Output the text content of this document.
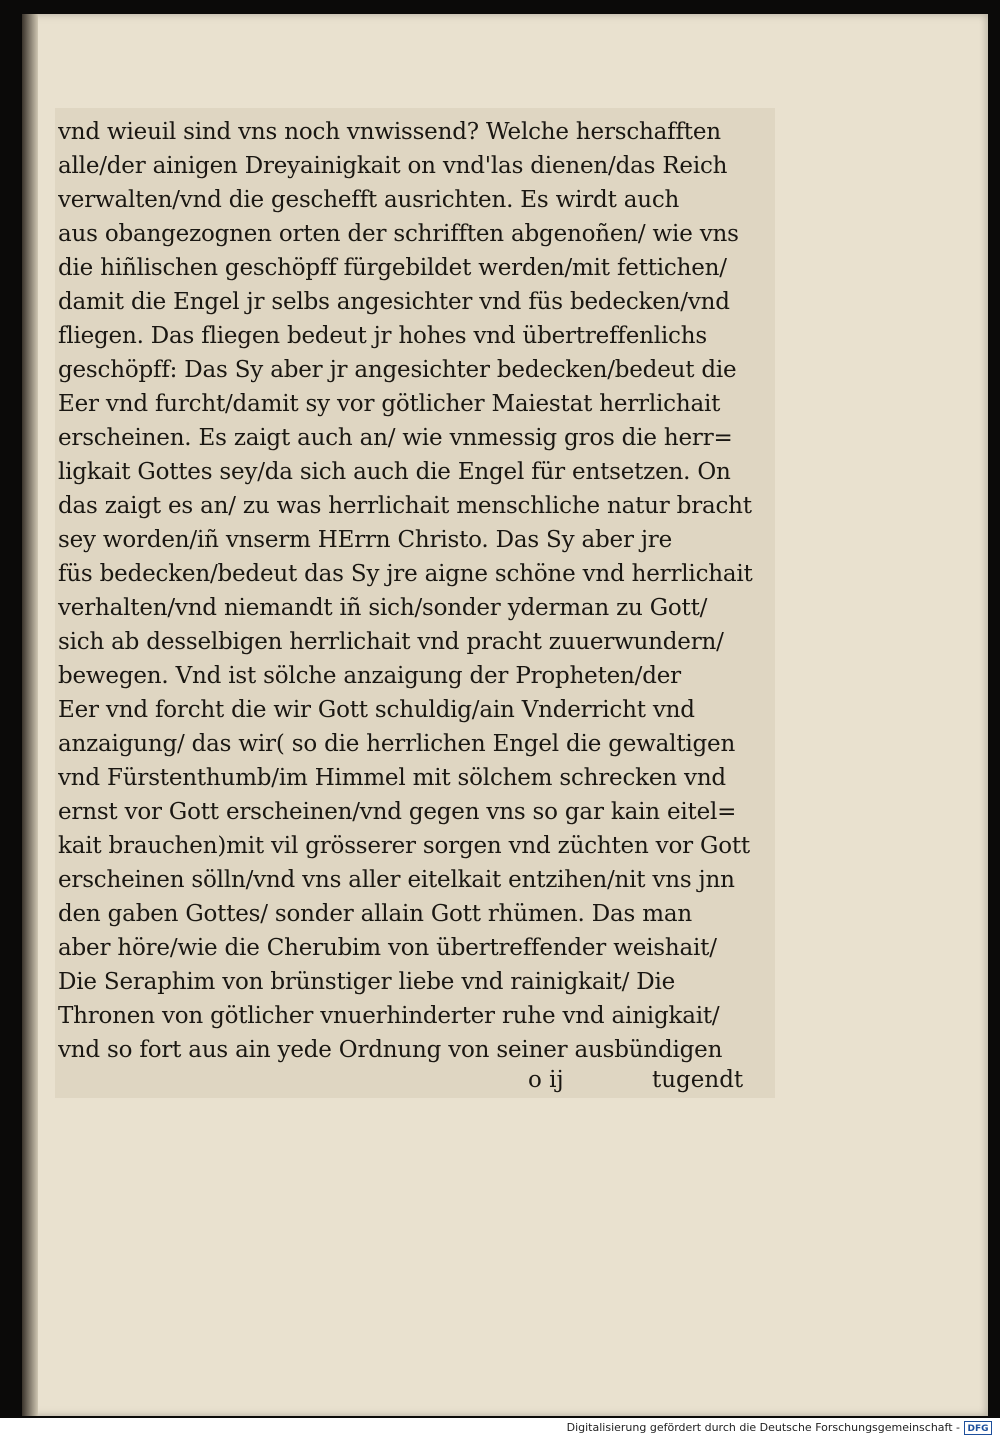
vnd wieuil sind vns noch vnwissend? Welche herschafften
alle/der ainigen Dreyainigkait on vnd'las dienen/das Reich
verwalten/vnd die geschefft ausrichten. Es wirdt auch
aus obangezognen orten der schrifften abgenoñen/ wie vns
die hiñlischen geschöpff fürgebildet werden/mit fettichen/
damit die Engel jr selbs angesichter vnd füs bedecken/vnd
fliegen. Das fliegen bedeut jr hohes vnd übertreffenlichs
geschöpff: Das Sy aber jr angesichter bedecken/bedeut die
Eer vnd furcht/damit sy vor götlicher Maiestat herrlichait
erscheinen. Es zaigt auch an/ wie vnmessig gros die herr=
ligkait Gottes sey/da sich auch die Engel für entsetzen. On
das zaigt es an/ zu was herrlichait menschliche natur bracht
sey worden/iñ vnserm HErrn Christo. Das Sy aber jre
füs bedecken/bedeut das Sy jre aigne schöne vnd herrlichait
verhalten/vnd niemandt iñ sich/sonder yderman zu Gott/
sich ab desselbigen herrlichait vnd pracht zuuerwundern/
bewegen. Vnd ist sölche anzaigung der Propheten/der
Eer vnd forcht die wir Gott schuldig/ain Vnderricht vnd
anzaigung/ das wir( so die herrlichen Engel die gewaltigen
vnd Fürstenthumb/im Himmel mit sölchem schrecken vnd
ernst vor Gott erscheinen/vnd gegen vns so gar kain eitel=
kait brauchen)mit vil grösserer sorgen vnd züchten vor Gott
erscheinen sölln/vnd vns aller eitelkait entzihen/nit vns jnn
den gaben Gottes/ sonder allain Gott rhümen. Das man
aber höre/wie die Cherubim von übertreffender weishait/
Die Seraphim von brünstiger liebe vnd rainigkait/ Die
Thronen von götlicher vnuerhinderter ruhe vnd ainigkait/
vnd so fort aus ain yede Ordnung von seiner ausbündigen
o ij	tugendt
Digitalisierung gefördert durch die Deutsche Forschungsgemeinschaft - DFG
